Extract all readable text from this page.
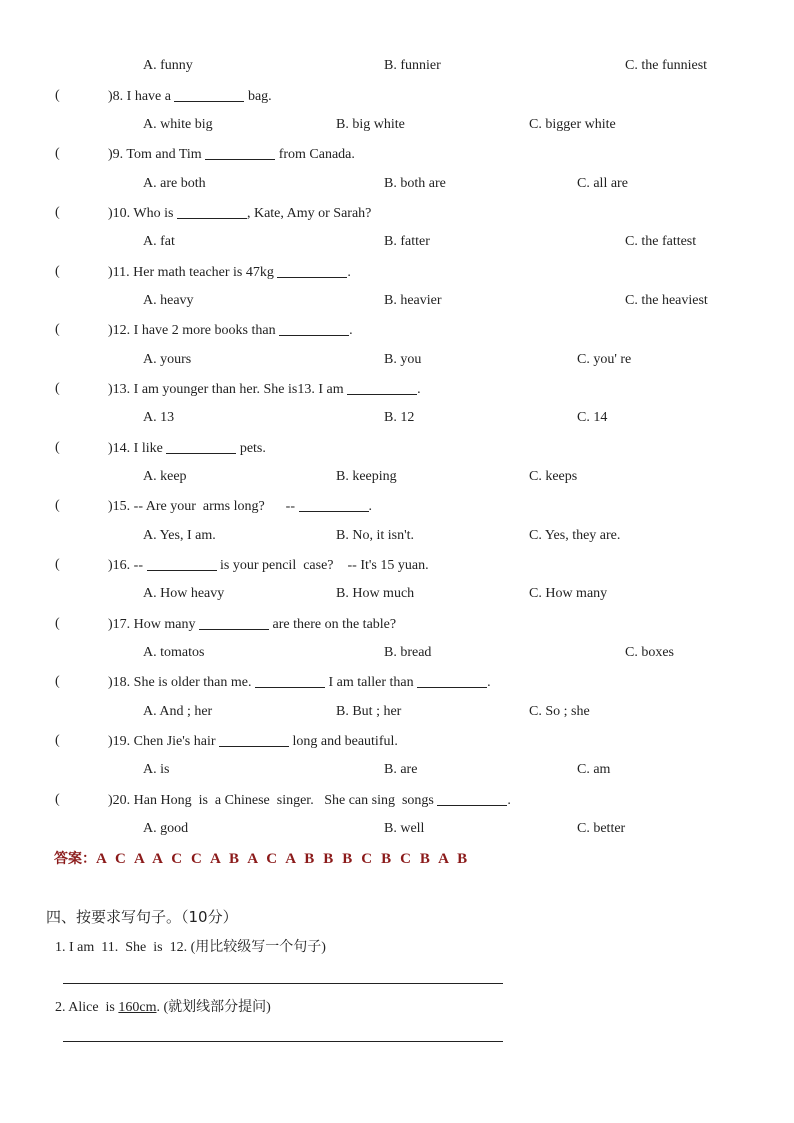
A. funny	B. funnier	C. the funniest
(	)8. I have a	bag.
A. white big	B. big white	C. bigger white
(	)9. Tom and Tim	from Canada.
A. are both	B. both are	C. all are
(	)10. Who is	, Kate, Amy or Sarah?
A. fat	B. fatter	C. the fattest
(	)11. Her math teacher is 47kg	.
A. heavy	B. heavier	C. the heaviest
(	)12. I have 2 more books than	.
A. yours	B. you	C. you' re
(	)13. I am younger than her. She is13. I am	.
A. 13	B. 12	C. 14
(	)14. I like	pets.
A. keep	B. keeping	C. keeps
(	)15. -- Are your  arms long?      --	.
A. Yes, I am.	B. No, it isn't.	C. Yes, they are.
(	)16. --	is your pencil  case?    -- It's 15 yuan.
A. How heavy	B. How much	C. How many
(	)17. How many	are there on the table?
A. tomatos	B. bread	C. boxes
(	)18. She is older than me.	I am taller than	.
A. And ; her	B. But ; her	C. So ; she
(	)19. Chen Jie's hair	long and beautiful.
A. is	B. are	C. am
(	)20. Han Hong  is  a Chinese  singer.   She can sing  songs	.
A. good	B. well	C. better
答案：A  C  A  A  C  C  A  B  A  C  A  B  B  B  C  B  C  B  A  B
四、按要求写句子。（10分）
1. I am  11.  She  is  12. (用比较级写一个句子)
2. Alice  is 160cm. (就划线部分提问)
